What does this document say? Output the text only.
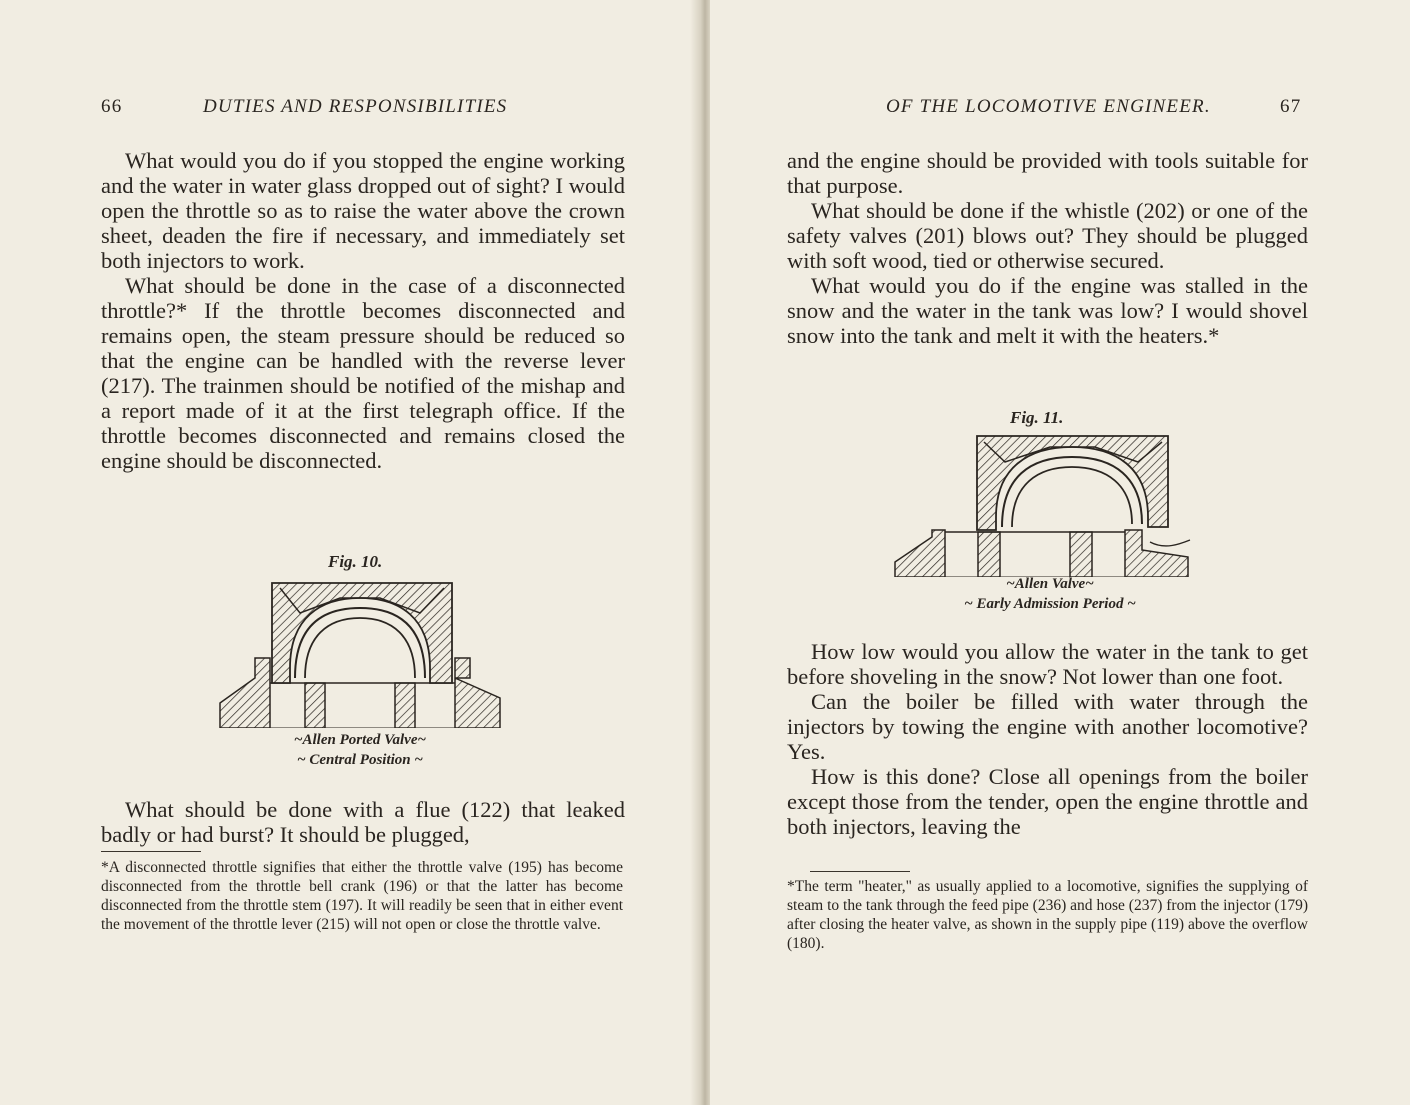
66	DUTIES AND RESPONSIBILITIES

What would you do if you stopped the engine working and the water in water glass dropped out of sight? I would open the throttle so as to raise the water above the crown sheet, deaden the fire if necessary, and immediately set both injectors to work.

What should be done in the case of a disconnected throttle?* If the throttle becomes disconnected and remains open, the steam pressure should be reduced so that the engine can be handled with the reverse lever (217). The trainmen should be notified of the mishap and a report made of it at the first telegraph office. If the throttle becomes disconnected and remains closed the engine should be disconnected.

Fig. 10.
~Allen Ported Valve~
~ Central Position ~

What should be done with a flue (122) that leaked badly or had burst? It should be plugged,

*A disconnected throttle signifies that either the throttle valve (195) has become disconnected from the throttle bell crank (196) or that the latter has become disconnected from the throttle stem (197). It will readily be seen that in either event the movement of the throttle lever (215) will not open or close the throttle valve.

OF THE LOCOMOTIVE ENGINEER.	67

and the engine should be provided with tools suitable for that purpose.

What should be done if the whistle (202) or one of the safety valves (201) blows out? They should be plugged with soft wood, tied or otherwise secured.

What would you do if the engine was stalled in the snow and the water in the tank was low? I would shovel snow into the tank and melt it with the heaters.*

Fig. 11.
~Allen Valve~
~ Early Admission Period ~

How low would you allow the water in the tank to get before shoveling in the snow? Not lower than one foot.

Can the boiler be filled with water through the injectors by towing the engine with another locomotive? Yes.

How is this done? Close all openings from the boiler except those from the tender, open the engine throttle and both injectors, leaving the

*The term "heater," as usually applied to a locomotive, signifies the supplying of steam to the tank through the feed pipe (236) and hose (237) from the injector (179) after closing the heater valve, as shown in the supply pipe (119) above the overflow (180).
